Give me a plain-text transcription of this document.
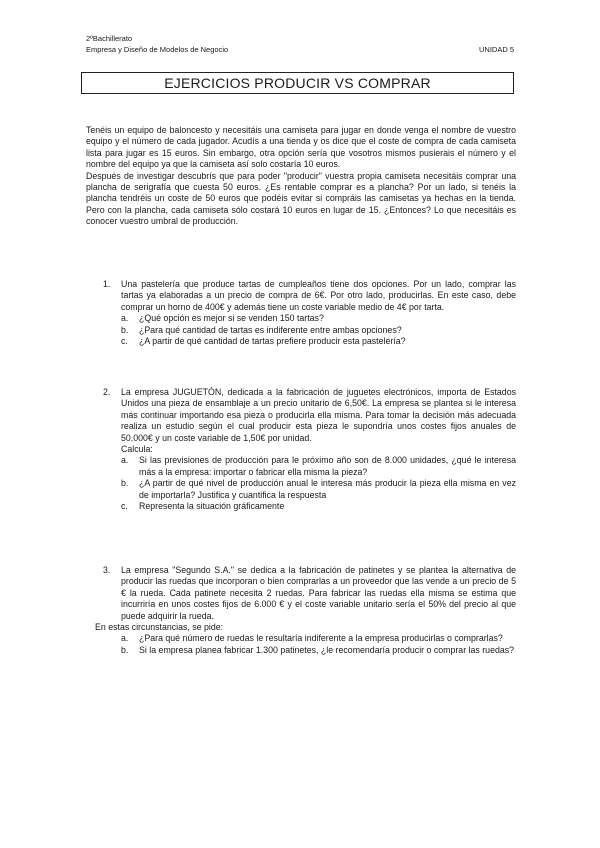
2ºBachillerato
Empresa y Diseño de Modelos de Negocio	UNIDAD 5
EJERCICIOS PRODUCIR VS COMPRAR

Tenéis un equipo de baloncesto y necesitáis una camiseta para jugar en donde venga el nombre de vuestro equipo y el número de cada jugador. Acudís a una tienda y os dice que el coste de compra de cada camiseta lista para jugar es 15 euros. Sin embargo, otra opción sería que vosotros mismos pusierais el número y el nombre del equipo ya que la camiseta así solo costaría 10 euros.

Después de investigar descubrís que para poder "producir" vuestra propia camiseta necesitáis comprar una plancha de serigrafía que cuesta 50 euros. ¿Es rentable comprar es a plancha? Por un lado, si tenéis la plancha tendréis un coste de 50 euros que podéis evitar si compráis las camisetas ya hechas en la tienda. Pero con la plancha, cada camiseta sólo costará 10 euros en lugar de 15. ¿Entonces? Lo que necesitáis es conocer vuestro umbral de producción.

1. Una pastelería que produce tartas de cumpleaños tiene dos opciones. Por un lado, comprar las tartas ya elaboradas a un precio de compra de 6€. Por otro lado, producirlas. En este caso, debe comprar un horno de 400€ y además tiene un coste variable medio de 4€ por tarta.
a. ¿Qué opción es mejor si se venden 150 tartas?
b. ¿Para qué cantidad de tartas es indiferente entre ambas opciones?
c. ¿A partir de qué cantidad de tartas prefiere producir esta pastelería?
2. La empresa JUGUETÓN, dedicada a la fabricación de juguetes electrónicos, importa de Estados Unidos una pieza de ensamblaje a un precio unitario de 6,50€. La empresa se plantea si le interesa más continuar importando esa pieza o producirla ella misma. Para tomar la decisión más adecuada realiza un estudio según el cual producir esta pieza le supondría unos costes fijos anuales de 50.000€ y un coste variable de 1,50€ por unidad.
Calcula:
a. Si las previsiones de producción para le próximo año son de 8.000 unidades, ¿qué le interesa más a la empresa: importar o fabricar ella misma la pieza?
b. ¿A partir de qué nivel de producción anual le interesa más producir la pieza ella misma en vez de importarla? Justifica y cuantifica la respuesta
c. Representa la situación gráficamente
3. La empresa "Segundo S.A." se dedica a la fabricación de patinetes y se plantea la alternativa de producir las ruedas que incorporan o bien comprarlas a un proveedor que las vende a un precio de 5 € la rueda. Cada patinete necesita 2 ruedas. Para fabricar las ruedas ella misma se estima que incurriría en unos costes fijos de 6.000 € y el coste variable unitario sería el 50% del precio al que puede adquirir la rueda.
En estas circunstancias, se pide:
a. ¿Para qué número de ruedas le resultaría indiferente a la empresa producirlas o comprarlas?
b. Si la empresa planea fabricar 1.300 patinetes, ¿le recomendaría producir o comprar las ruedas?
